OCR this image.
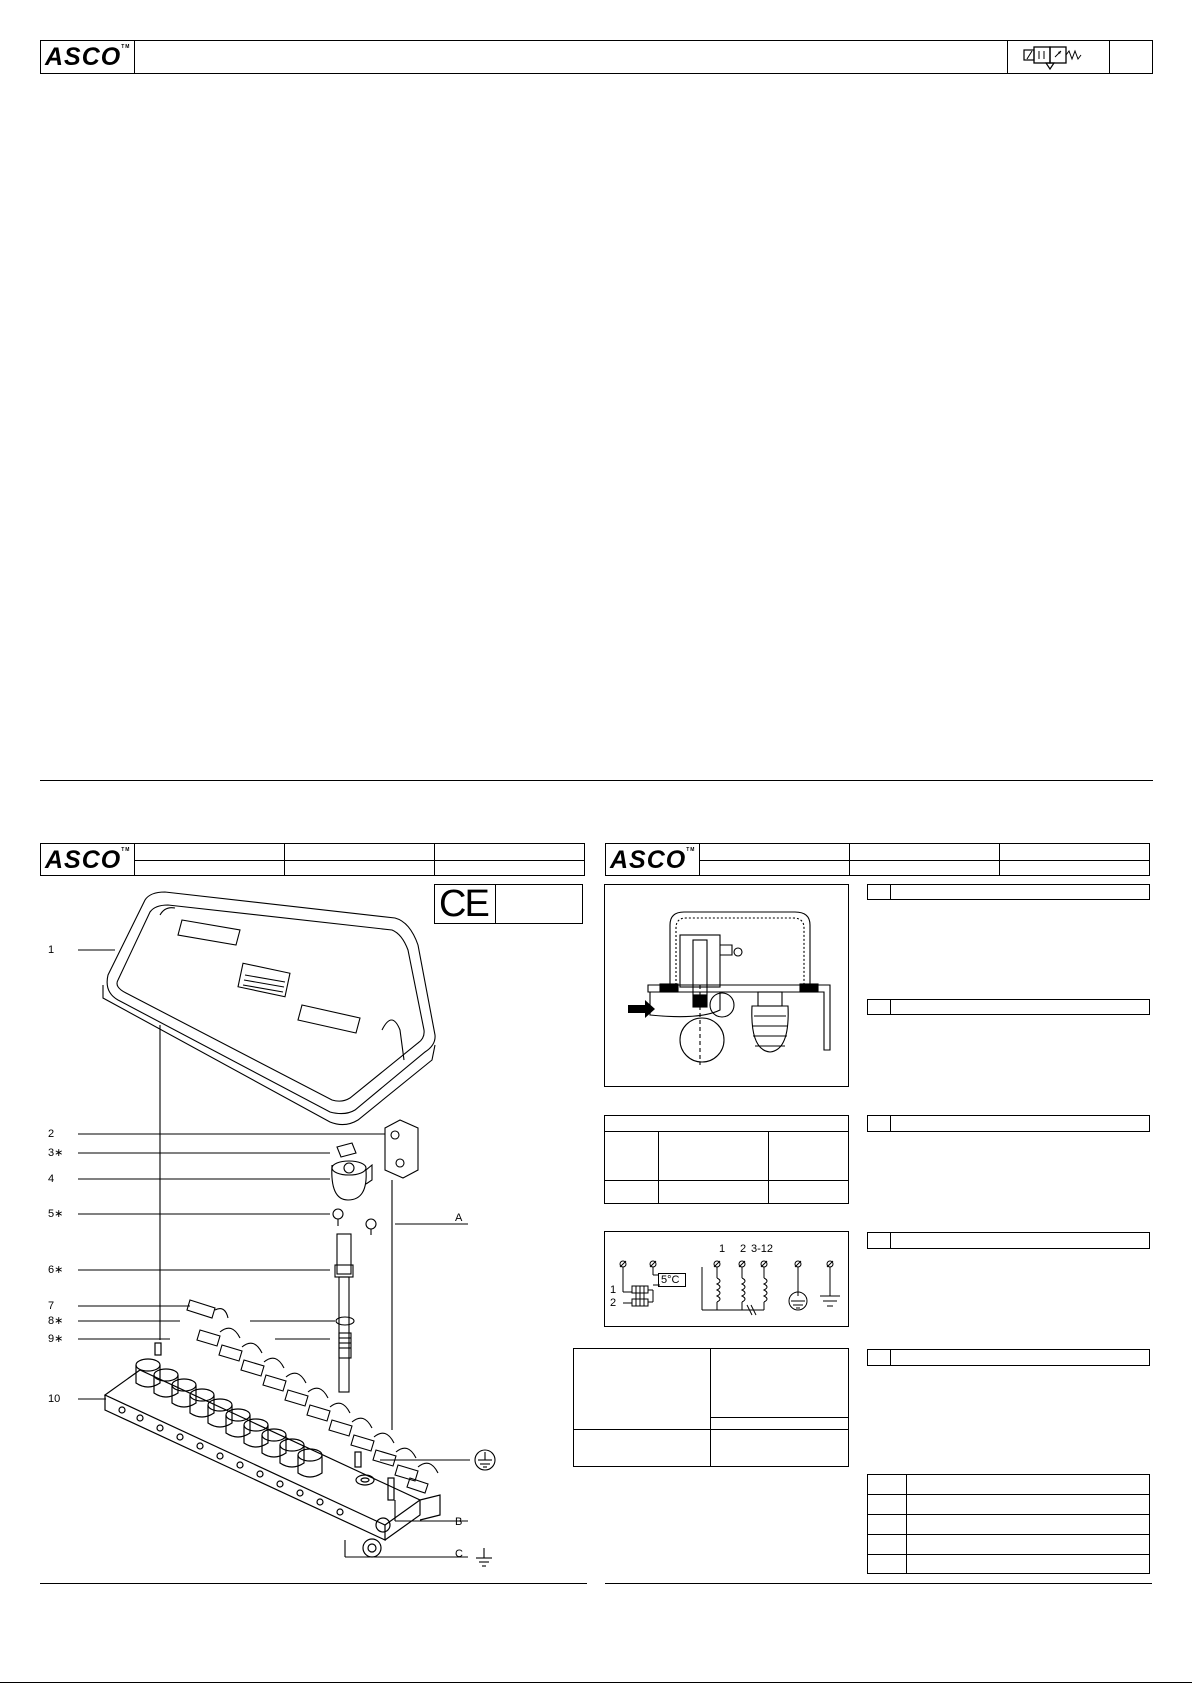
ASCO™
ASCO™
CE
1
2
3∗
4
5∗
6∗
7
8∗
9∗
10
A
B
C
ASCO™
1 2 3-12
1
2
5°C
